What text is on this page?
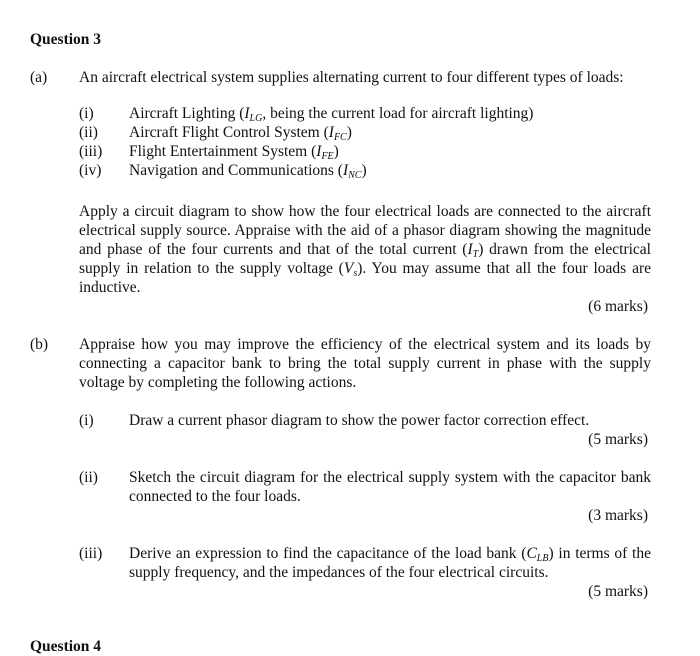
Question 3
(a) An aircraft electrical system supplies alternating current to four different types of loads:
(i) Aircraft Lighting ($I_{LG}$, being the current load for aircraft lighting)
(ii) Aircraft Flight Control System $(I_{FC})$
(iii) Flight Entertainment System $(I_{FE})$
(iv) Navigation and Communications $(I_{NC})$
Apply a circuit diagram to show how the four electrical loads are connected to the aircraft electrical supply source. Appraise with the aid of a phasor diagram showing the magnitude and phase of the four currents and that of the total current $(I_T)$ drawn from the electrical supply in relation to the supply voltage $(V_s)$. You may assume that all the four loads are inductive.
(6 marks)
(b) Appraise how you may improve the efficiency of the electrical system and its loads by connecting a capacitor bank to bring the total supply current in phase with the supply voltage by completing the following actions.
(i) Draw a current phasor diagram to show the power factor correction effect.
(5 marks)
(ii) Sketch the circuit diagram for the electrical supply system with the capacitor bank connected to the four loads.
(3 marks)
(iii) Derive an expression to find the capacitance of the load bank $(C_{LB})$ in terms of the supply frequency, and the impedances of the four electrical circuits.
(5 marks)
Question 4
